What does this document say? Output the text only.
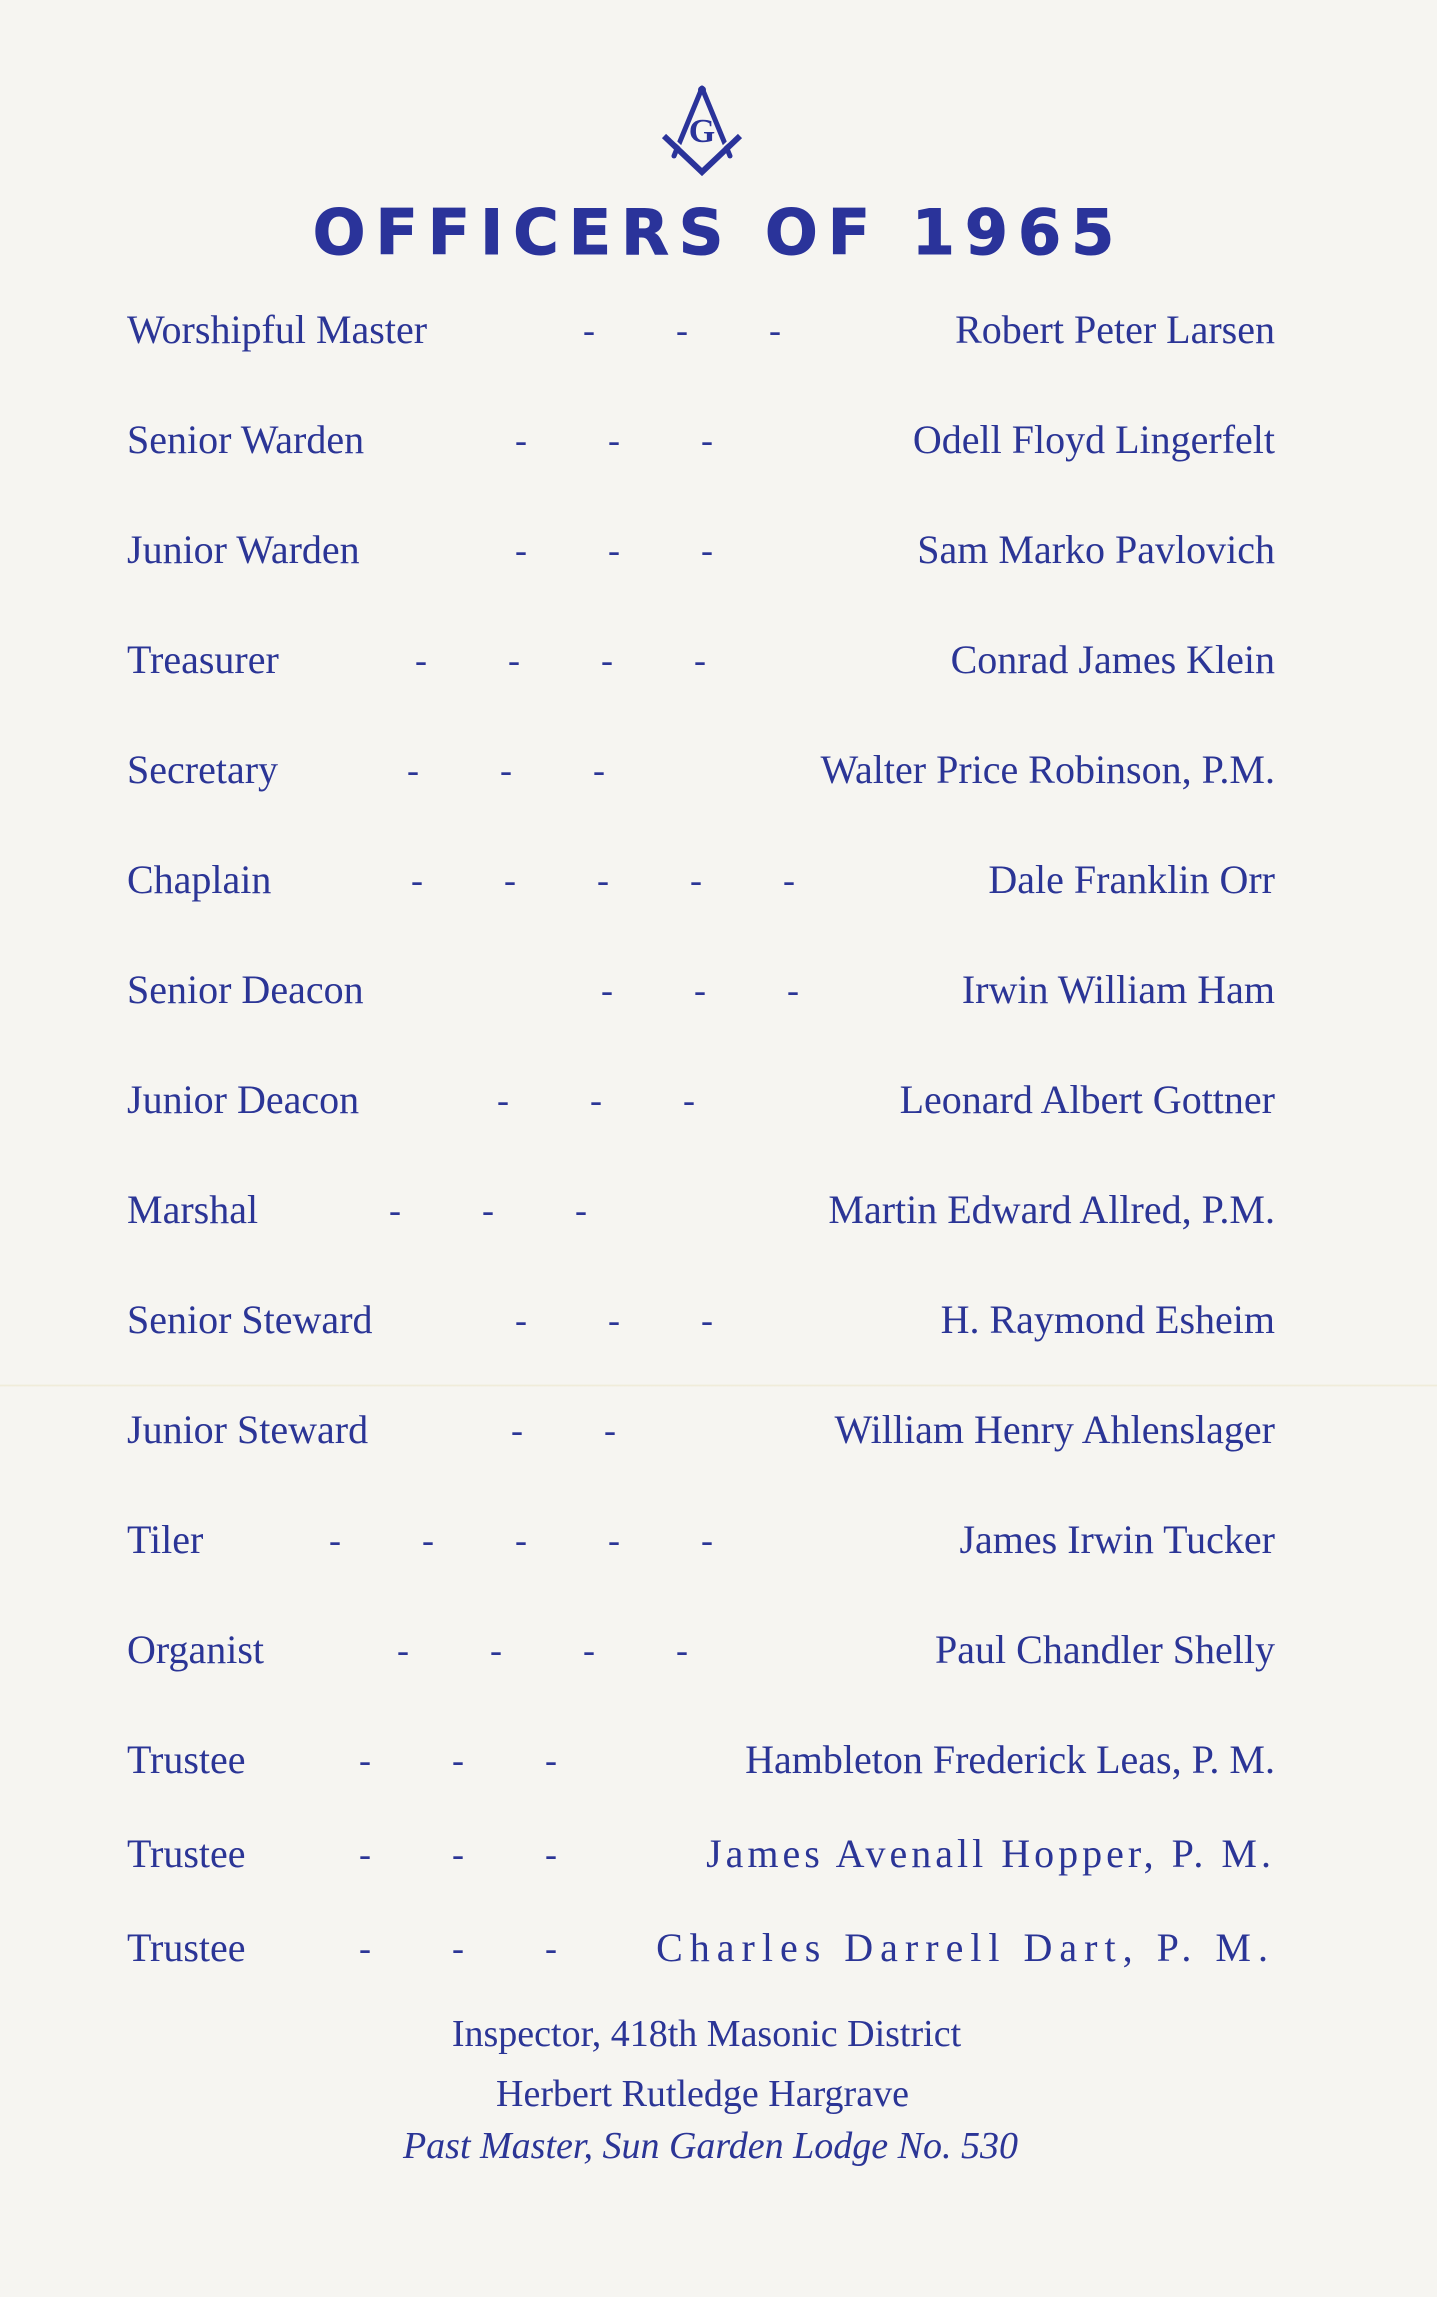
G
OFFICERS OF 1965
Worshipful Master	-         -         -	Robert Peter Larsen
Senior Warden	-         -         -	Odell Floyd Lingerfelt
Junior Warden	-         -         -	Sam Marko Pavlovich
Treasurer	-         -         -         -	Conrad James Klein
Secretary	-         -         -	Walter Price Robinson, P.M.
Chaplain	-         -         -         -         -	Dale Franklin Orr
Senior Deacon	-         -         -	Irwin William Ham
Junior Deacon	-         -         -	Leonard Albert Gottner
Marshal	-         -         -	Martin Edward Allred, P.M.
Senior Steward	-         -         -	H. Raymond Esheim
Junior Steward	-         -	William Henry Ahlenslager
Tiler	-         -         -         -         -	James Irwin Tucker
Organist	-         -         -         -	Paul Chandler Shelly
Trustee	-         -         -	Hambleton Frederick Leas, P. M.
Trustee	-         -         -	James Avenall Hopper, P. M.
Trustee	-         -         - Charles Darrell Dart, P. M.
Inspector, 418th Masonic District
Herbert Rutledge Hargrave
Past Master, Sun Garden Lodge No. 530
